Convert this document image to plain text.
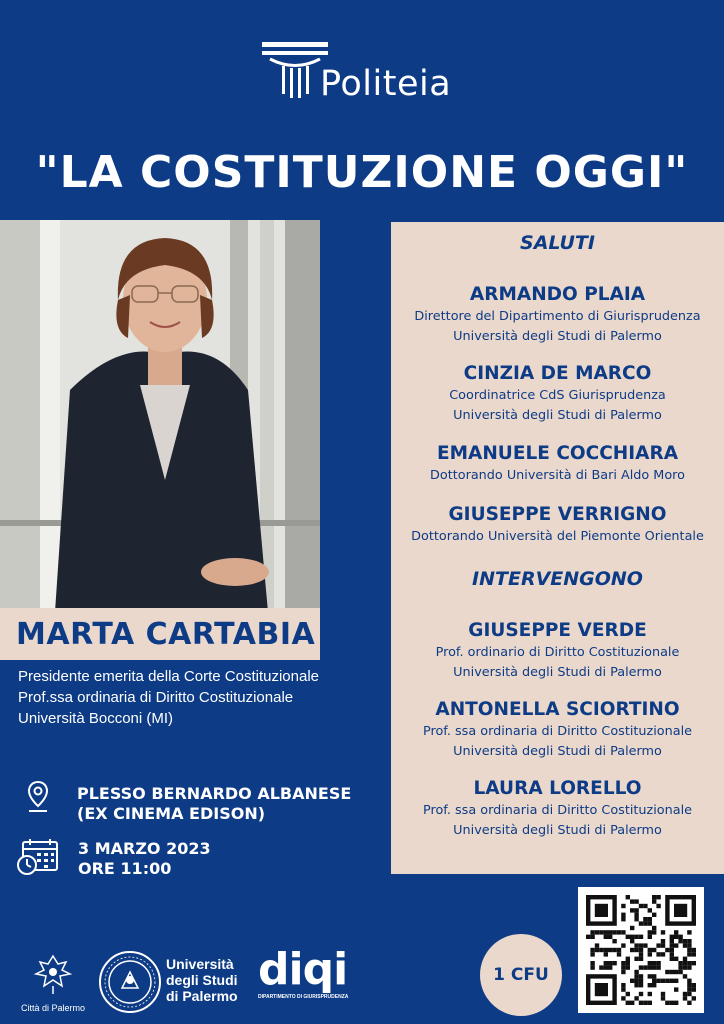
Politeia
"LA COSTITUZIONE OGGI"
MARTA CARTABIA
Presidente emerita della Corte Costituzionale
Prof.ssa ordinaria di Diritto Costituzionale
Università Bocconi (MI)
PLESSO BERNARDO ALBANESE
(EX CINEMA EDISON)
3 MARZO 2023
ORE 11:00
SALUTI
ARMANDO PLAIA
Direttore del Dipartimento di Giurisprudenza
Università degli Studi di Palermo
CINZIA DE MARCO
Coordinatrice CdS Giurisprudenza
Università degli Studi di Palermo
EMANUELE COCCHIARA
Dottorando Università di Bari Aldo Moro
GIUSEPPE VERRIGNO
Dottorando Università del Piemonte Orientale
INTERVENGONO
GIUSEPPE VERDE
Prof. ordinario di Diritto Costituzionale
Università degli Studi di Palermo
ANTONELLA SCIORTINO
Prof. ssa ordinaria di Diritto Costituzionale
Università degli Studi di Palermo
LAURA LORELLO
Prof. ssa ordinaria di Diritto Costituzionale
Università degli Studi di Palermo
Città di Palermo
Università
degli Studi
di Palermo
diqi
DIPARTIMENTO DI GIURISPRUDENZA
1 CFU
